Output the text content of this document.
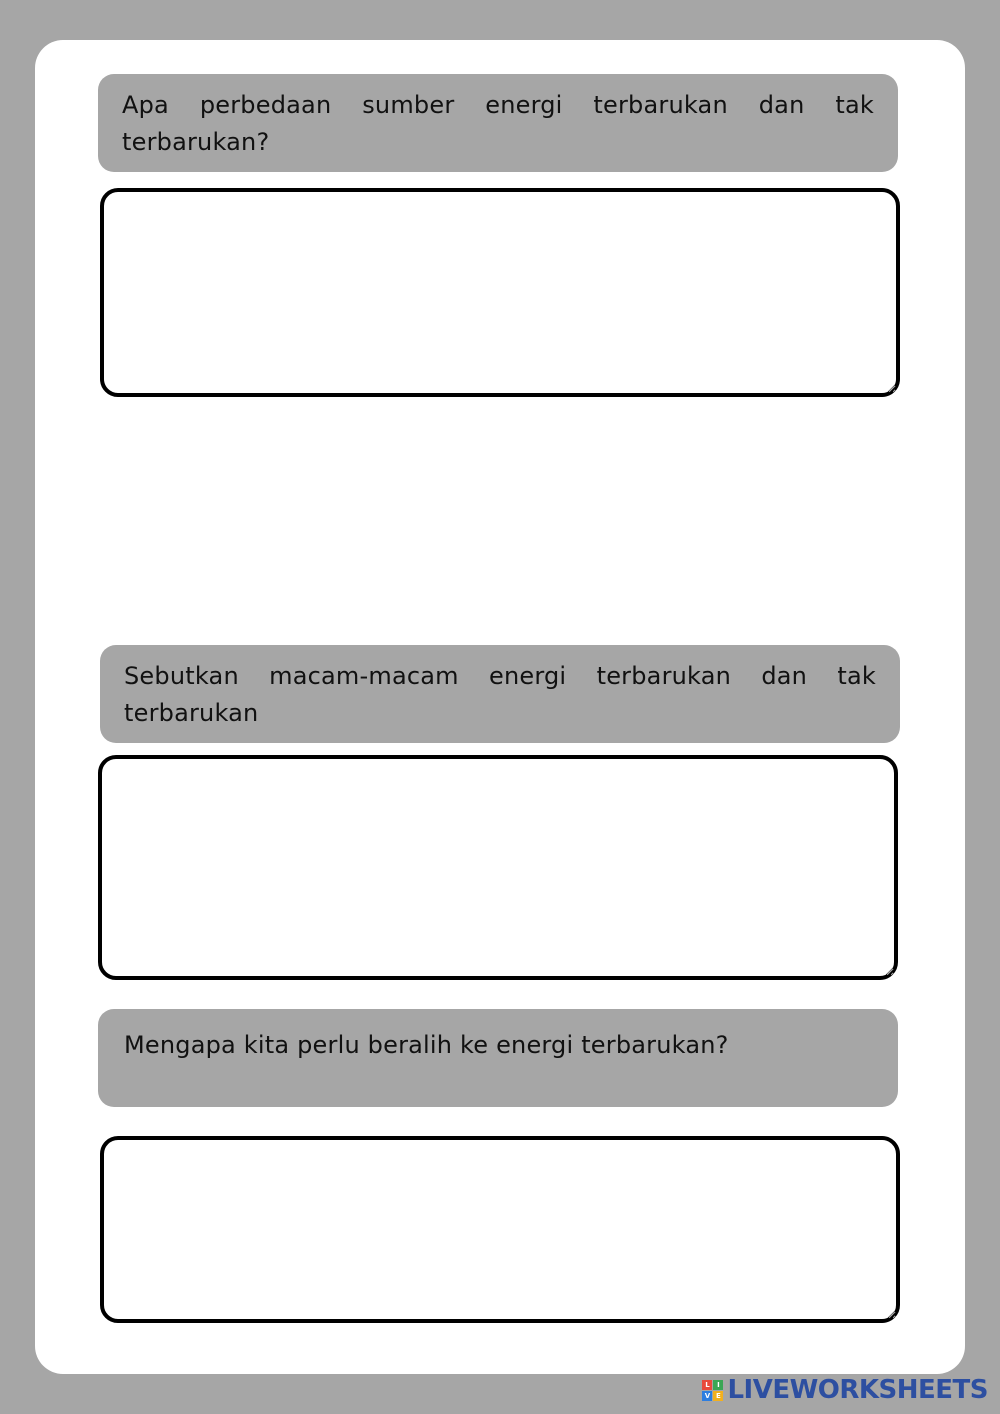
Apa perbedaan sumber energi terbarukan dan tak terbarukan?
Sebutkan macam-macam energi terbarukan dan tak terbarukan
Mengapa kita perlu beralih ke energi terbarukan?
L	I
V E LIVEWORKSHEETS
